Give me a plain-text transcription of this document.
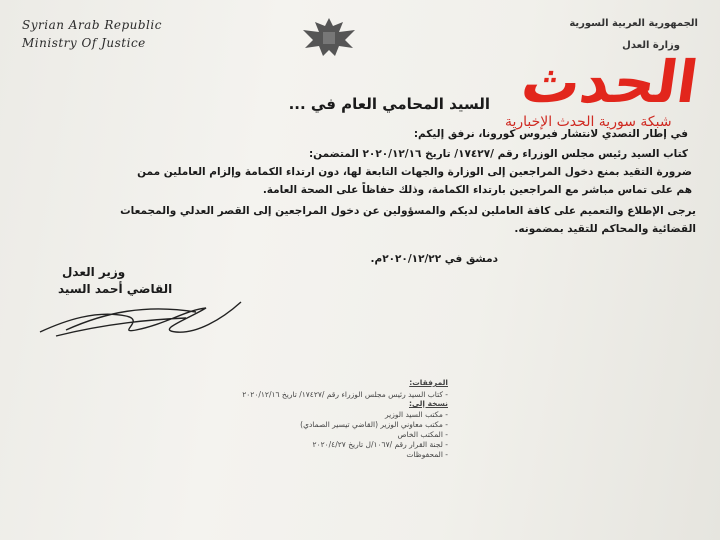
Syrian Arab Republic
Ministry Of Justice
الجمهورية العربية السورية
وزارة العدل
الحدث
شبكة سورية الحدث الإخبارية
السيد المحامي العام في ...
في إطار التصدي لانتشار فيروس كورونا، نرفق إليكم:
كتاب السيد رئيس مجلس الوزراء رقم /١٧٤٢٧/ تاريخ ٢٠٢٠/١٢/١٦ المتضمن:
ضرورة التقيد بمنع دخول المراجعين إلى الوزارة والجهات التابعة لها، دون ارتداء الكمامة وإلزام العاملين ممن
هم على تماس مباشر مع المراجعين بارتداء الكمامة، وذلك حفاظاً على الصحة العامة.
يرجى الإطلاع والتعميم على كافة العاملين لديكم والمسؤولين عن دخول المراجعين إلى القصر العدلي والمجمعات
القضائية والمحاكم للتقيد بمضمونه.
دمشق في ٢٠٢٠/١٢/٢٢م.
وزير العدل
القاضي أحمد السيد
المرفقات:
- كتاب السيد رئيس مجلس الوزراء رقم /١٧٤٢٧/ تاريخ ٢٠٢٠/١٢/١٦
نسخة إلى:
- مكتب السيد الوزير
- مكتب معاوني الوزير (القاضي تيسير الصمادي)
- المكتب الخاص
- لجنة القرار رقم /١٠٦٧/ل تاريخ ٢٠٢٠/٤/٢٧
- المحفوظات
